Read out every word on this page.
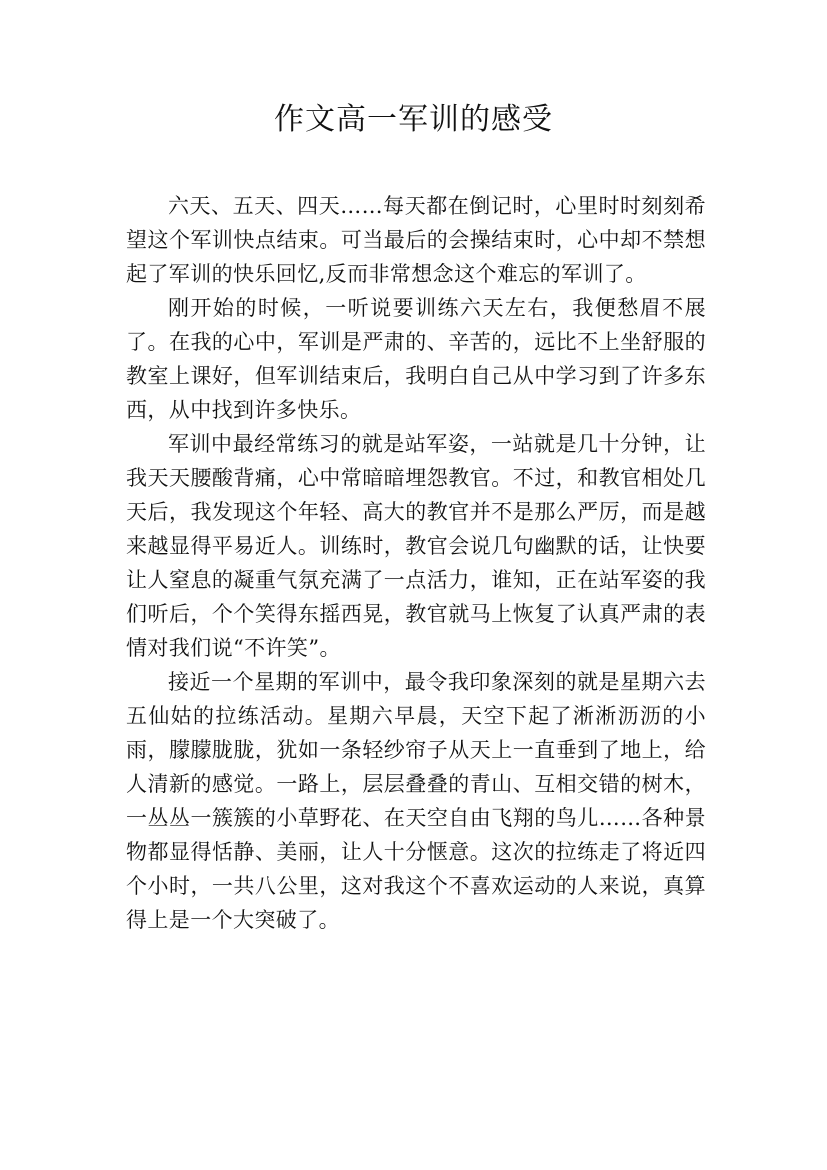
作文高一军训的感受

六天、五天、四天……每天都在倒记时，心里时时刻刻希望这个军训快点结束。可当最后的会操结束时，心中却不禁想起了军训的快乐回忆,反而非常想念这个难忘的军训了。

刚开始的时候，一听说要训练六天左右，我便愁眉不展了。在我的心中，军训是严肃的、辛苦的，远比不上坐舒服的教室上课好，但军训结束后，我明白自己从中学习到了许多东西，从中找到许多快乐。

军训中最经常练习的就是站军姿，一站就是几十分钟，让我天天腰酸背痛，心中常暗暗埋怨教官。不过，和教官相处几天后，我发现这个年轻、高大的教官并不是那么严厉，而是越来越显得平易近人。训练时，教官会说几句幽默的话，让快要让人窒息的凝重气氛充满了一点活力，谁知，正在站军姿的我们听后，个个笑得东摇西晃，教官就马上恢复了认真严肃的表情对我们说“不许笑”。

接近一个星期的军训中，最令我印象深刻的就是星期六去五仙姑的拉练活动。星期六早晨，天空下起了淅淅沥沥的小雨，朦朦胧胧，犹如一条轻纱帘子从天上一直垂到了地上，给人清新的感觉。一路上，层层叠叠的青山、互相交错的树木，一丛丛一簇簇的小草野花、在天空自由飞翔的鸟儿……各种景物都显得恬静、美丽，让人十分惬意。这次的拉练走了将近四个小时，一共八公里，这对我这个不喜欢运动的人来说，真算得上是一个大突破了。
